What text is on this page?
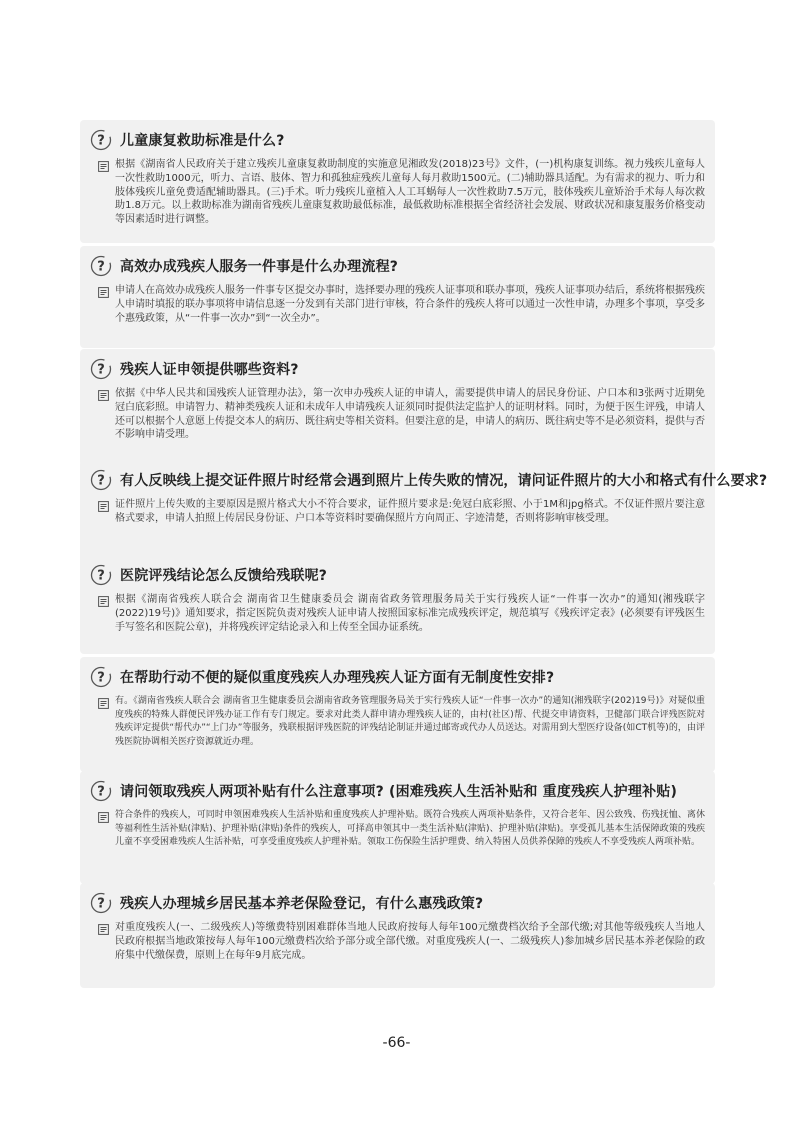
? 儿童康复救助标准是什么?
根据《湖南省人民政府关于建立残疾儿童康复救助制度的实施意见湘政发(2018)23号》文件，(一)机构康复训练。视力残疾儿童每人一次性救助1000元，听力、言语、肢体、智力和孤独症残疾儿童每人每月救助1500元。(二)辅助器具适配。为有需求的视力、听力和肢体残疾儿童免费适配辅助器具。(三)手术。听力残疾儿童植入人工耳蜗每人一次性救助7.5万元，肢体残疾儿童矫治手术每人每次救助1.8万元。以上救助标准为湖南省残疾儿童康复救助最低标准，最低救助标准根据全省经济社会发展、财政状况和康复服务价格变动等因素适时进行调整。
? 高效办成残疾人服务一件事是什么办理流程?
申请人在高效办成残疾人服务一件事专区提交办事时，选择要办理的残疾人证事项和联办事项，残疾人证事项办结后，系统将根据残疾人申请时填报的联办事项将申请信息逐一分发到有关部门进行审核，符合条件的残疾人将可以通过一次性申请，办理多个事项，享受多个惠残政策，从“一件事一次办”到“一次全办”。
? 残疾人证申领提供哪些资料?
依据《中华人民共和国残疾人证管理办法》，第一次申办残疾人证的申请人，需要提供申请人的居民身份证、户口本和3张两寸近期免冠白底彩照。申请智力、精神类残疾人证和未成年人申请残疾人证须同时提供法定监护人的证明材料。同时，为便于医生评残，申请人还可以根据个人意愿上传提交本人的病历、既往病史等相关资料。但要注意的是，申请人的病历、既往病史等不是必须资料，提供与否不影响申请受理。
? 有人反映线上提交证件照片时经常会遇到照片上传失败的情况，请问证件照片的大小和格式有什么要求?
证件照片上传失败的主要原因是照片格式大小不符合要求，证件照片要求是:免冠白底彩照、小于1M和jpg格式。不仅证件照片要注意格式要求，申请人拍照上传居民身份证、户口本等资料时要确保照片方向周正、字迹清楚，否则将影响审核受理。
? 医院评残结论怎么反馈给残联呢?
根据《湖南省残疾人联合会 湖南省卫生健康委员会 湖南省政务管理服务局关于实行残疾人证“一件事一次办”的通知(湘残联字(2022)19号)》通知要求，指定医院负责对残疾人证申请人按照国家标准完成残疾评定，规范填写《残疾评定表》(必须要有评残医生手写签名和医院公章)，并将残疾评定结论录入和上传至全国办证系统。
? 在帮助行动不便的疑似重度残疾人办理残疾人证方面有无制度性安排?
有。《湖南省残疾人联合会 湖南省卫生健康委员会湖南省政务管理服务局关于实行残疾人证“一件事一次办”的通知(湘残联字(202)19号)》对疑似重度残疾的特殊人群便民评残办证工作有专门规定。要求对此类人群申请办理残疾人证的，由村(社区)帮、代提交申请资料，卫健部门联合评残医院对残疾评定提供“帮代办”“上门办”等服务，残联根据评残医院的评残结论制证并通过邮寄或代办人员送达。对需用到大型医疗设备(如CT机等)的，由评残医院协调相关医疗资源就近办理。
? 请问领取残疾人两项补贴有什么注意事项? (困难残疾人生活补贴和 重度残疾人护理补贴)
符合条件的残疾人，可同时申领困难残疾人生活补贴和重度残疾人护理补贴。既符合残疾人两项补贴条件，又符合老年、因公致残、伤残抚恤、离休等福利性生活补贴(津贴)、护理补贴(津贴)条件的残疾人，可择高申领其中一类生活补贴(津贴)、护理补贴(津贴)。享受孤儿基本生活保障政策的残疾儿童不享受困难残疾人生活补贴，可享受重度残疾人护理补贴。领取工伤保险生活护理费、纳入特困人员供养保障的残疾人不享受残疾人两项补贴。
? 残疾人办理城乡居民基本养老保险登记，有什么惠残政策?
对重度残疾人(一、二级残疾人)等缴费特别困难群体当地人民政府按每人每年100元缴费档次给予全部代缴;对其他等级残疾人当地人民政府根据当地政策按每人每年100元缴费档次给予部分或全部代缴。对重度残疾人(一、二级残疾人)参加城乡居民基本养老保险的政府集中代缴保费，原则上在每年9月底完成。
-66-
